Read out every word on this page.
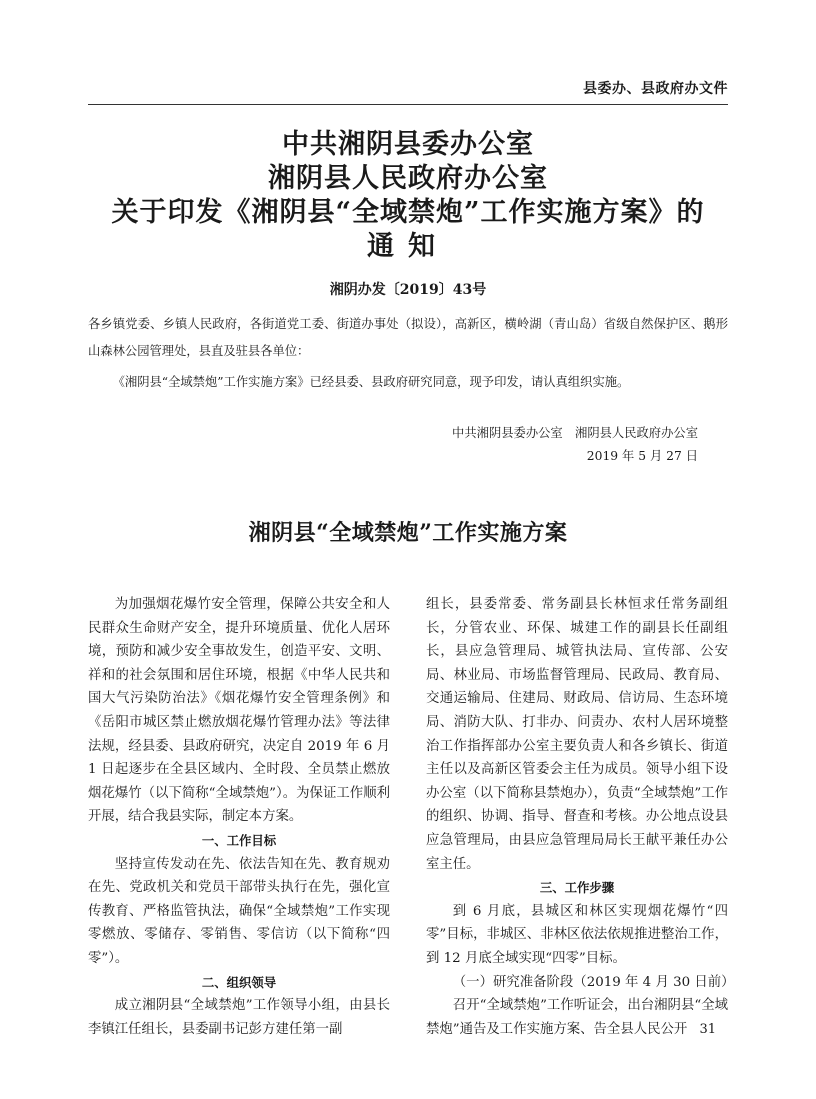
县委办、县政府办文件
中共湘阴县委办公室
湘阴县人民政府办公室
关于印发《湘阴县“全域禁炮”工作实施方案》的
通知
湘阴办发〔2019〕43号

各乡镇党委、乡镇人民政府，各街道党工委、街道办事处（拟设），高新区，横岭湖（青山岛）省级自然保护区、鹅形山森林公园管理处，县直及驻县各单位：

《湘阴县“全域禁炮”工作实施方案》已经县委、县政府研究同意，现予印发，请认真组织实施。

中共湘阴县委办公室　湘阴县人民政府办公室
2019 年 5 月 27 日
湘阴县“全域禁炮”工作实施方案

为加强烟花爆竹安全管理，保障公共安全和人民群众生命财产安全，提升环境质量、优化人居环境，预防和减少安全事故发生，创造平安、文明、祥和的社会氛围和居住环境，根据《中华人民共和国大气污染防治法》《烟花爆竹安全管理条例》和《岳阳市城区禁止燃放烟花爆竹管理办法》等法律法规，经县委、县政府研究，决定自 2019 年 6 月 1 日起逐步在全县区域内、全时段、全员禁止燃放烟花爆竹（以下简称“全域禁炮”）。为保证工作顺利开展，结合我县实际，制定本方案。

一、工作目标

坚持宣传发动在先、依法告知在先、教育规劝在先、党政机关和党员干部带头执行在先，强化宣传教育、严格监管执法，确保“全域禁炮”工作实现零燃放、零储存、零销售、零信访（以下简称“四零”）。

二、组织领导

成立湘阴县“全域禁炮”工作领导小组，由县长李镇江任组长，县委副书记彭方建任第一副

组长，县委常委、常务副县长林恒求任常务副组长，分管农业、环保、城建工作的副县长任副组长，县应急管理局、城管执法局、宣传部、公安局、林业局、市场监督管理局、民政局、教育局、交通运输局、住建局、财政局、信访局、生态环境局、消防大队、打非办、问责办、农村人居环境整治工作指挥部办公室主要负责人和各乡镇长、街道主任以及高新区管委会主任为成员。领导小组下设办公室（以下简称县禁炮办），负责“全域禁炮”工作的组织、协调、指导、督查和考核。办公地点设县应急管理局，由县应急管理局局长王献平兼任办公室主任。

三、工作步骤

到 6 月底，县城区和林区实现烟花爆竹“四零”目标，非城区、非林区依法依规推进整治工作，到 12 月底全域实现“四零”目标。

（一）研究准备阶段（2019 年 4 月 30 日前）

召开“全域禁炮”工作听证会，出台湘阴县“全域禁炮”通告及工作实施方案、告全县人民公开 31
